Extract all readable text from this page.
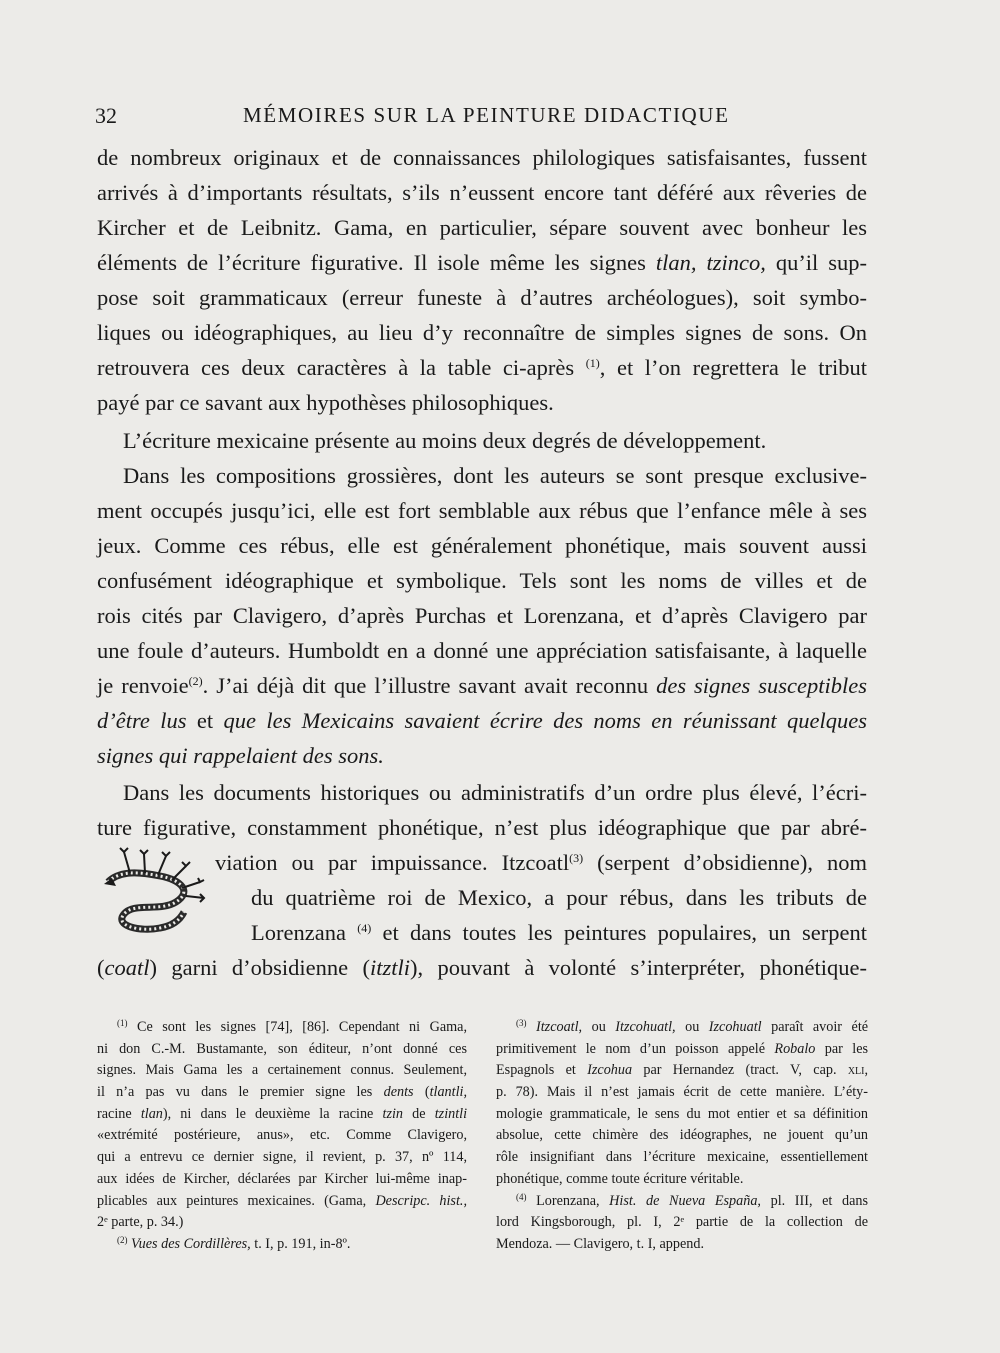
32	MÉMOIRES SUR LA PEINTURE DIDACTIQUE
de nombreux originaux et de connaissances philologiques satisfaisantes, fussent
arrivés à d’importants résultats, s’ils n’eussent encore tant déféré aux rêveries de
Kircher et de Leibnitz. Gama, en particulier, sépare souvent avec bonheur les
éléments de l’écriture figurative. Il isole même les signes tlan, tzinco, qu’il sup-
pose soit grammaticaux (erreur funeste à d’autres archéologues), soit symbo-
liques ou idéographiques, au lieu d’y reconnaître de simples signes de sons. On
retrouvera ces deux caractères à la table ci-après $^{(1)}$, et l’on regrettera le tribut
payé par ce savant aux hypothèses philosophiques.
L’écriture mexicaine présente au moins deux degrés de développement.
Dans les compositions grossières, dont les auteurs se sont presque exclusive-
ment occupés jusqu’ici, elle est fort semblable aux rébus que l’enfance mêle à ses
jeux. Comme ces rébus, elle est généralement phonétique, mais souvent aussi
confusément idéographique et symbolique. Tels sont les noms de villes et de
rois cités par Clavigero, d’après Purchas et Lorenzana, et d’après Clavigero par
une foule d’auteurs. Humboldt en a donné une appréciation satisfaisante, à laquelle
je renvoie$^{(2)}$. J’ai déjà dit que l’illustre savant avait reconnu des signes susceptibles
d’être lus et que les Mexicains savaient écrire des noms en réunissant quelques
signes qui rappelaient des sons.
Dans les documents historiques ou administratifs d’un ordre plus élevé, l’écri-
ture figurative, constamment phonétique, n’est plus idéographique que par abré-
viation ou par impuissance. Itzcoatl$^{(3)}$ (serpent d’obsidienne), nom
du quatrième roi de Mexico, a pour rébus, dans les tributs de
Lorenzana $^{(4)}$ et dans toutes les peintures populaires, un serpent
(coatl) garni d’obsidienne (itztli), pouvant à volonté s’interpréter, phonétique-
$^{(1)}$ Ce sont les signes [74], [86]. Cependant ni Gama,
ni don C.-M. Bustamante, son éditeur, n’ont donné ces
signes. Mais Gama les a certainement connus. Seulement,
il n’a pas vu dans le premier signe les dents (tlantli,
racine tlan), ni dans le deuxième la racine tzin de tzintli
«extrémité postérieure, anus», etc. Comme Clavigero,
qui a entrevu ce dernier signe, il revient, p. 37, nº 114,
aux idées de Kircher, déclarées par Kircher lui-même inap-
plicables aux peintures mexicaines. (Gama, Descripc. hist.,
2ᵉ parte, p. 34.)
$^{(2)}$ Vues des Cordillères, t. I, p. 191, in-8º.
$^{(3)}$ Itzcoatl, ou Itzcohuatl, ou Izcohuatl paraît avoir été
primitivement le nom d’un poisson appelé Robalo par les
Espagnols et Izcohua par Hernandez (tract. V, cap. xli,
p. 78). Mais il n’est jamais écrit de cette manière. L’éty-
mologie grammaticale, le sens du mot entier et sa définition
absolue, cette chimère des idéographes, ne jouent qu’un
rôle insignifiant dans l’écriture mexicaine, essentiellement
phonétique, comme toute écriture véritable.
$^{(4)}$ Lorenzana, Hist. de Nueva España, pl. III, et dans
lord Kingsborough, pl. I, 2ᵉ partie de la collection de
Mendoza. — Clavigero, t. I, append.
